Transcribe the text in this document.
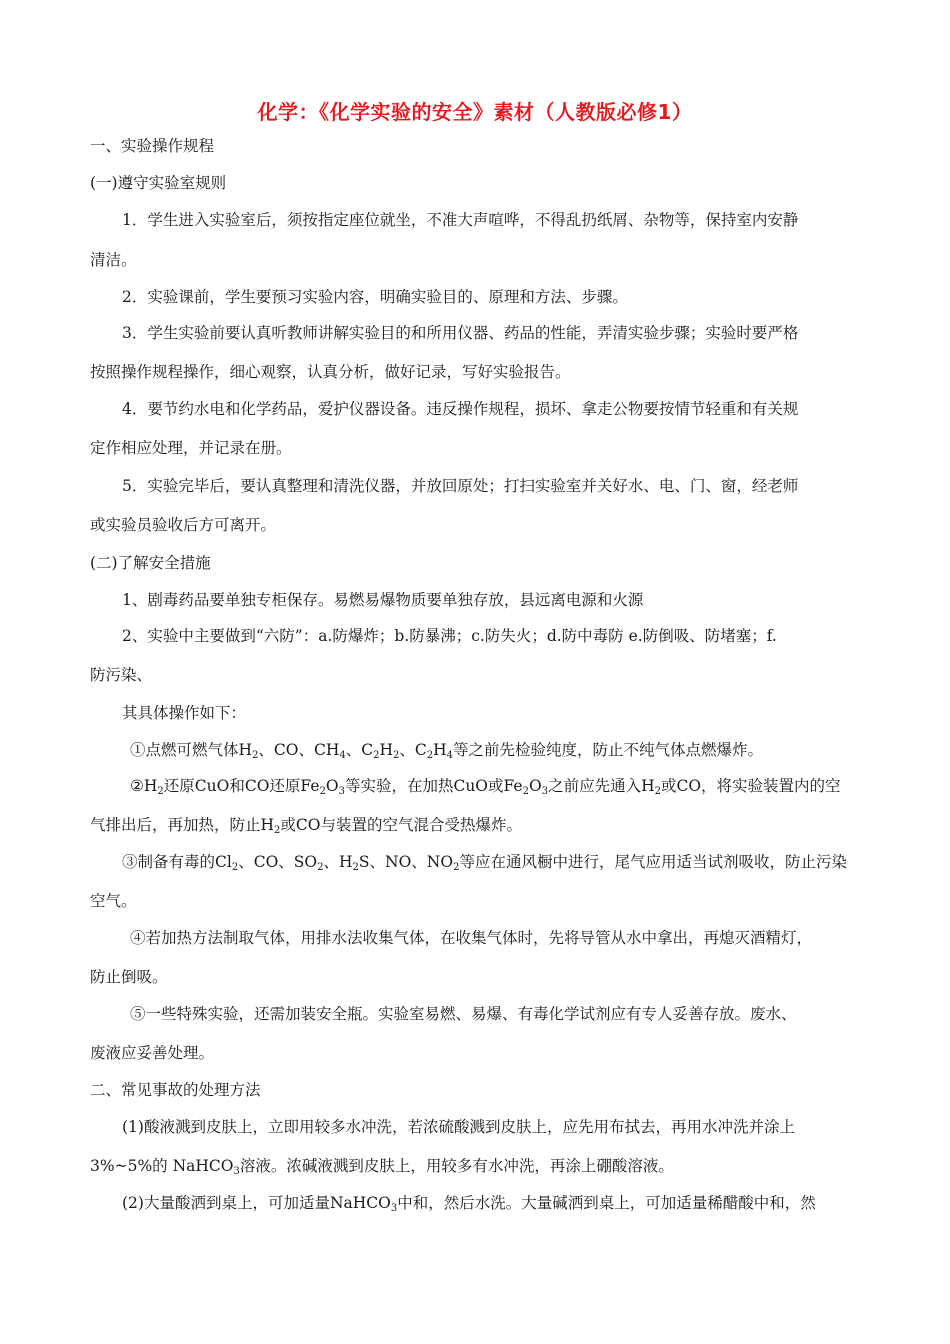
化学：《化学实验的安全》素材（人教版必修1）
一、实验操作规程
(一)遵守实验室规则
1．学生进入实验室后，须按指定座位就坐，不准大声喧哗，不得乱扔纸屑、杂物等，保持室内安静
清洁。
2．实验课前，学生要预习实验内容，明确实验目的、原理和方法、步骤。
3．学生实验前要认真听教师讲解实验目的和所用仪器、药品的性能，弄清实验步骤；实验时要严格
按照操作规程操作，细心观察，认真分析，做好记录，写好实验报告。
4．要节约水电和化学药品，爱护仪器设备。违反操作规程，损坏、拿走公物要按情节轻重和有关规
定作相应处理，并记录在册。
5．实验完毕后，要认真整理和清洗仪器，并放回原处；打扫实验室并关好水、电、门、窗，经老师
或实验员验收后方可离开。
(二)了解安全措施
1、剧毒药品要单独专柜保存。易燃易爆物质要单独存放，县远离电源和火源
2、实验中主要做到“六防”：a.防爆炸；b.防暴沸；c.防失火；d.防中毒防 e.防倒吸、防堵塞；f.
防污染、
其具体操作如下：
①点燃可燃气体$H_2$、CO、$CH_4$、$C_2H_2$、$C_2H_4$等之前先检验纯度，防止不纯气体点燃爆炸。
$②H_2$还原CuO和CO还原$Fe_2O_3$等实验，在加热CuO或$Fe_2O_3$之前应先通入$H_2$或CO，将实验装置内的空
气排出后，再加热，防止$H_2$或CO与装置的空气混合受热爆炸。
③制备有毒的$Cl_2$、CO、$SO_2$、$H_2S$、NO、$NO_2$等应在通风橱中进行，尾气应用适当试剂吸收，防止污染
空气。
④若加热方法制取气体，用排水法收集气体，在收集气体时，先将导管从水中拿出，再熄灭酒精灯，
防止倒吸。
⑤一些特殊实验，还需加装安全瓶。实验室易燃、易爆、有毒化学试剂应有专人妥善存放。废水、
废液应妥善处理。
二、常见事故的处理方法
(1)酸液溅到皮肤上，立即用较多水冲洗，若浓硫酸溅到皮肤上，应先用布拭去，再用水冲洗并涂上
3%~5%的 NaHCO$_3$溶液。浓碱液溅到皮肤上，用较多有水冲洗，再涂上硼酸溶液。
(2)大量酸洒到桌上，可加适量NaHCO$_3$中和，然后水洗。大量碱洒到桌上，可加适量稀醋酸中和，然
